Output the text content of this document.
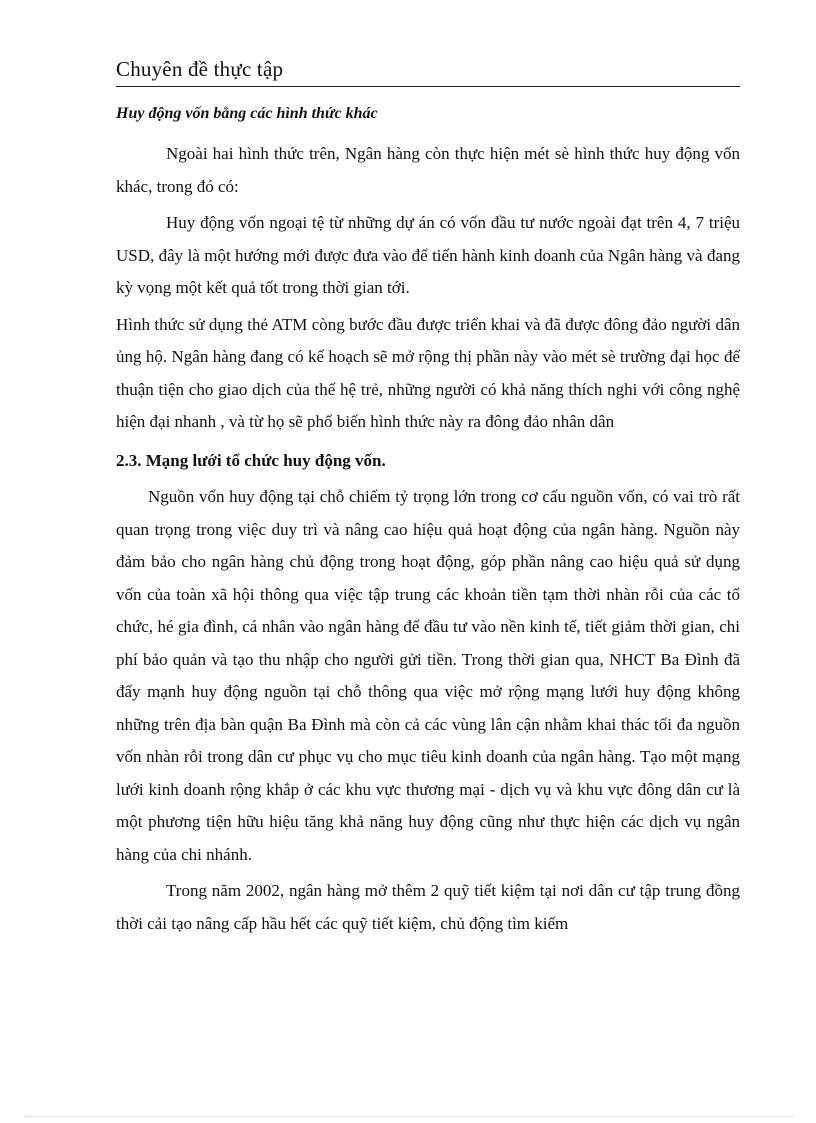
Chuyên đề thực tập

Huy động vốn bằng các hình thức khác

Ngoài hai hình thức trên, Ngân hàng còn thực hiện mét sè hình thức huy động vốn khác, trong đó có:

Huy động vốn ngoại tệ từ những dự án có vốn đầu tư nước ngoài đạt trên 4, 7 triệu USD, đây là một hướng mới được đưa vào để tiến hành kinh doanh của Ngân hàng và đang kỳ vọng một kết quả tốt trong thời gian tới.

Hình thức sử dụng thẻ ATM còng bước đầu được triển khai và đã được đông đảo người dân ủng hộ. Ngân hàng đang có kế hoạch sẽ mở rộng thị phần này vào mét sè trường đại học để thuận tiện cho giao dịch của thế hệ trẻ, những người có khả năng thích nghi với công nghệ hiện đại nhanh , và từ họ sẽ phổ biến hình thức này ra đông đảo nhân dân

2.3. Mạng lưới tổ chức huy động vốn.

Nguồn vốn huy động tại chỗ chiếm tỷ trọng lớn trong cơ cấu nguồn vốn, có vai trò rất quan trọng trong việc duy trì và nâng cao hiệu quả hoạt động của ngân hàng. Nguồn này đảm bảo cho ngân hàng chủ động trong hoạt động, góp phần nâng cao hiệu quả sử dụng vốn của toàn xã hội thông qua việc tập trung các khoản tiền tạm thời nhàn rỗi của các tổ chức, hé gia đình, cá nhân vào ngân hàng để đầu tư vào nền kinh tế, tiết giảm thời gian, chi phí bảo quản và tạo thu nhập cho người gửi tiền. Trong thời gian qua, NHCT Ba Đình đã đẩy mạnh huy động nguồn tại chỗ thông qua việc mở rộng mạng lưới huy động không những trên địa bàn quận Ba Đình mà còn cả các vùng lân cận nhằm khai thác tối đa nguồn vốn nhàn rỗi trong dân cư phục vụ cho mục tiêu kinh doanh của ngân hàng. Tạo một mạng lưới kinh doanh rộng khắp ở các khu vực thương mại - dịch vụ và khu vực đông dân cư là một phương tiện hữu hiệu tăng khả năng huy động cũng như thực hiện các dịch vụ ngân hàng của chi nhánh.

Trong năm 2002, ngân hàng mở thêm 2 quỹ tiết kiệm tại nơi dân cư tập trung đồng thời cải tạo nâng cấp hầu hết các quỹ tiết kiệm, chủ động tìm kiếm
